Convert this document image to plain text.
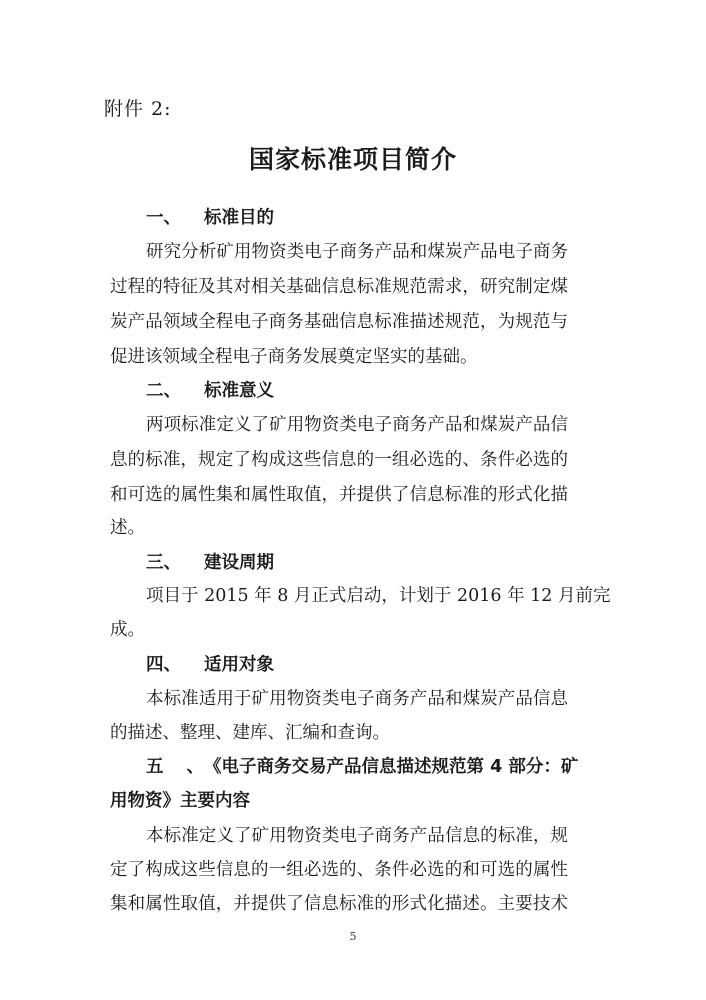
附件 2:
国家标准项目简介
一、 标准目的
研究分析矿用物资类电子商务产品和煤炭产品电子商务
过程的特征及其对相关基础信息标准规范需求，研究制定煤
炭产品领域全程电子商务基础信息标准描述规范，为规范与
促进该领域全程电子商务发展奠定坚实的基础。
二、 标准意义
两项标准定义了矿用物资类电子商务产品和煤炭产品信
息的标准，规定了构成这些信息的一组必选的、条件必选的
和可选的属性集和属性取值，并提供了信息标准的形式化描
述。
三、 建设周期
项目于 2015 年 8 月正式启动，计划于 2016 年 12 月前完
成。
四、 适用对象
本标准适用于矿用物资类电子商务产品和煤炭产品信息
的描述、整理、建库、汇编和查询。
五、《电子商务交易产品信息描述规范第 4 部分：矿
用物资》主要内容
本标准定义了矿用物资类电子商务产品信息的标准，规
定了构成这些信息的一组必选的、条件必选的和可选的属性
集和属性取值，并提供了信息标准的形式化描述。主要技术
5
